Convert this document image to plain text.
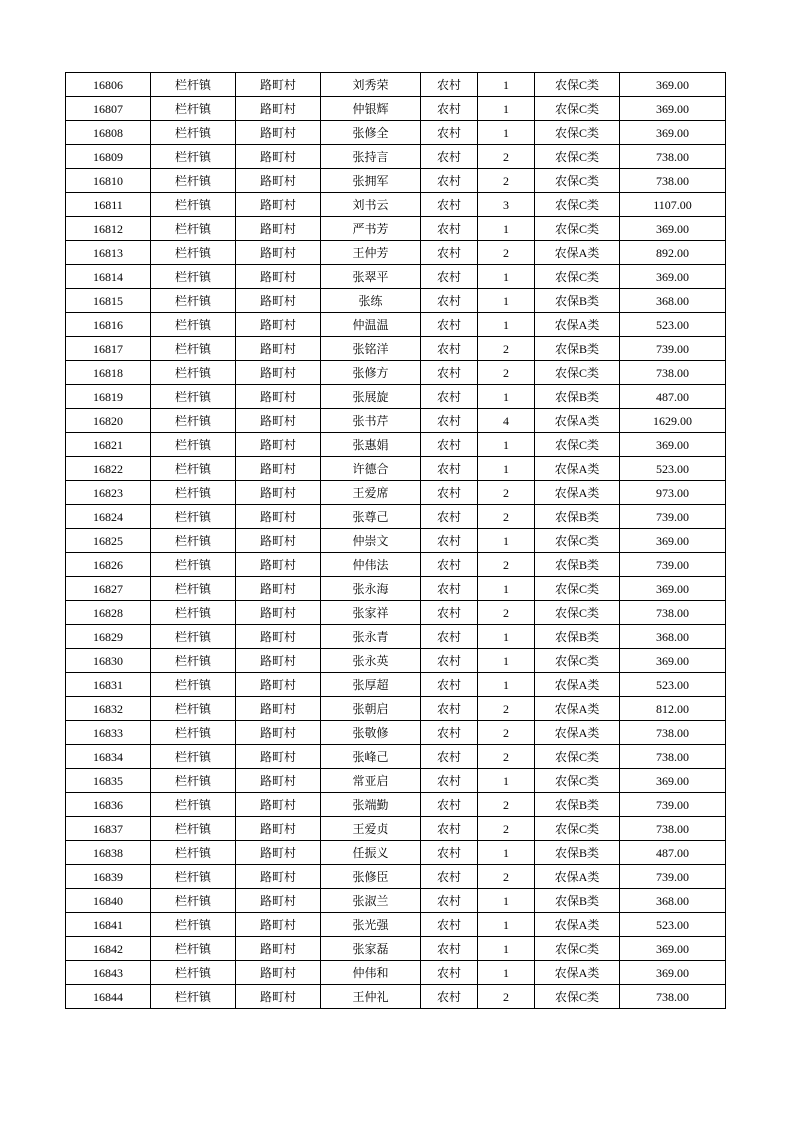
16806	栏杆镇	路町村	刘秀荣	农村	1	农保C类	369.00
16807	栏杆镇	路町村	仲银辉	农村	1	农保C类	369.00
16808	栏杆镇	路町村	张修全	农村	1	农保C类	369.00
16809	栏杆镇	路町村	张持言	农村	2	农保C类	738.00
16810	栏杆镇	路町村	张拥军	农村	2	农保C类	738.00
16811	栏杆镇	路町村	刘书云	农村	3	农保C类	1107.00
16812	栏杆镇	路町村	严书芳	农村	1	农保C类	369.00
16813	栏杆镇	路町村	王仲芳	农村	2	农保A类	892.00
16814	栏杆镇	路町村	张翠平	农村	1	农保C类	369.00
16815	栏杆镇	路町村	张练	农村	1	农保B类	368.00
16816	栏杆镇	路町村	仲温温	农村	1	农保A类	523.00
16817	栏杆镇	路町村	张铭洋	农村	2	农保B类	739.00
16818	栏杆镇	路町村	张修方	农村	2	农保C类	738.00
16819	栏杆镇	路町村	张展旋	农村	1	农保B类	487.00
16820	栏杆镇	路町村	张书芹	农村	4	农保A类	1629.00
16821	栏杆镇	路町村	张惠娟	农村	1	农保C类	369.00
16822	栏杆镇	路町村	许德合	农村	1	农保A类	523.00
16823	栏杆镇	路町村	王爱席	农村	2	农保A类	973.00
16824	栏杆镇	路町村	张尊己	农村	2	农保B类	739.00
16825	栏杆镇	路町村	仲崇文	农村	1	农保C类	369.00
16826	栏杆镇	路町村	仲伟法	农村	2	农保B类	739.00
16827	栏杆镇	路町村	张永海	农村	1	农保C类	369.00
16828	栏杆镇	路町村	张家祥	农村	2	农保C类	738.00
16829	栏杆镇	路町村	张永青	农村	1	农保B类	368.00
16830	栏杆镇	路町村	张永英	农村	1	农保C类	369.00
16831	栏杆镇	路町村	张厚超	农村	1	农保A类	523.00
16832	栏杆镇	路町村	张朝启	农村	2	农保A类	812.00
16833	栏杆镇	路町村	张敬修	农村	2	农保A类	738.00
16834	栏杆镇	路町村	张峰己	农村	2	农保C类	738.00
16835	栏杆镇	路町村	常亚启	农村	1	农保C类	369.00
16836	栏杆镇	路町村	张端勤	农村	2	农保B类	739.00
16837	栏杆镇	路町村	王爱贞	农村	2	农保C类	738.00
16838	栏杆镇	路町村	任振义	农村	1	农保B类	487.00
16839	栏杆镇	路町村	张修臣	农村	2	农保A类	739.00
16840	栏杆镇	路町村	张淑兰	农村	1	农保B类	368.00
16841	栏杆镇	路町村	张光强	农村	1	农保A类	523.00
16842	栏杆镇	路町村	张家磊	农村	1	农保C类	369.00
16843	栏杆镇	路町村	仲伟和	农村	1	农保A类	369.00
16844	栏杆镇	路町村	王仲礼	农村	2	农保C类	738.00
